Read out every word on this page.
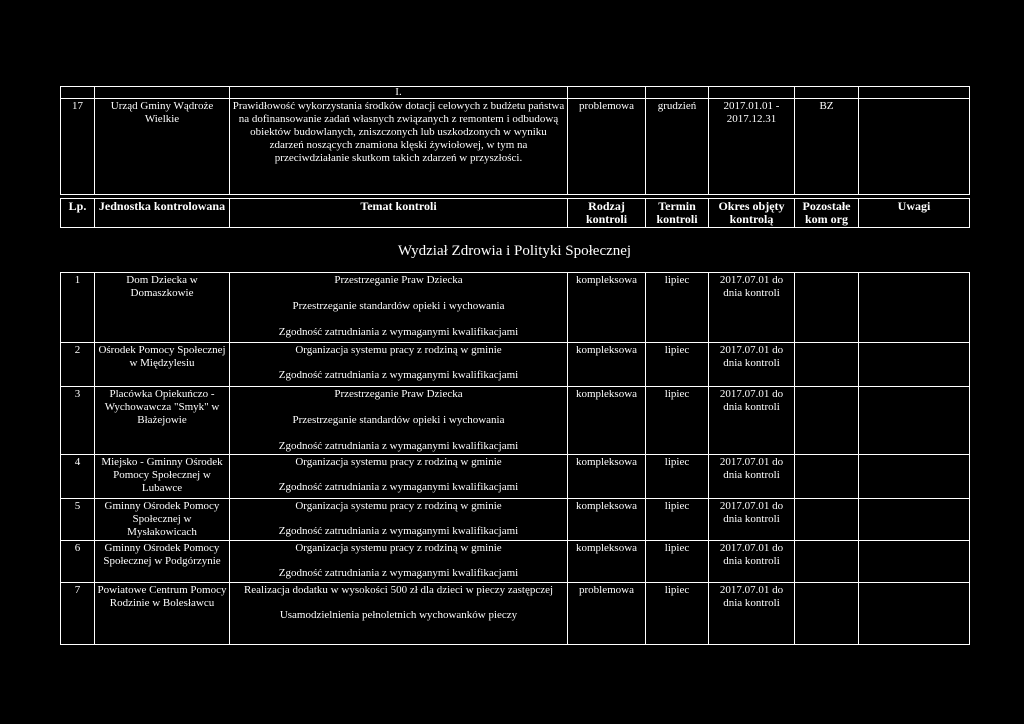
		I.					
17	Urząd Gminy Wądroże Wielkie	Prawidłowość wykorzystania środków dotacji celowych z budżetu państwa na dofinansowanie zadań własnych związanych z remontem i odbudową obiektów budowlanych, zniszczonych lub uszkodzonych w wyniku zdarzeń noszących znamiona klęski żywiołowej, w tym na przeciwdziałanie skutkom takich zdarzeń w przyszłości.	problemowa	grudzień	2017.01.01 - 2017.12.31	BZ	
Lp.	Jednostka kontrolowana	Temat kontroli	Rodzaj kontroli	Termin kontroli	Okres objęty kontrolą	Pozostałe kom org	Uwagi
Wydział Zdrowia i Polityki Społecznej
1	Dom Dziecka w Domaszkowie	Przestrzeganie Praw Dziecka
Przestrzeganie standardów opieki i wychowania
Zgodność zatrudniania z wymaganymi kwalifikacjami	kompleksowa	lipiec	2017.07.01 do dnia kontroli		
2	Ośrodek Pomocy Społecznej w Międzylesiu	Organizacja systemu pracy z rodziną w gminie
Zgodność zatrudniania z wymaganymi kwalifikacjami	kompleksowa	lipiec	2017.07.01 do dnia kontroli		
3	Placówka Opiekuńczo - Wychowawcza "Smyk" w Błażejowie	Przestrzeganie Praw Dziecka
Przestrzeganie standardów opieki i wychowania
Zgodność zatrudniania z wymaganymi kwalifikacjami	kompleksowa	lipiec	2017.07.01 do dnia kontroli		
4	Miejsko - Gminny Ośrodek Pomocy Społecznej w Lubawce	Organizacja systemu pracy z rodziną w gminie
Zgodność zatrudniania z wymaganymi kwalifikacjami	kompleksowa	lipiec	2017.07.01 do dnia kontroli		
5	Gminny Ośrodek Pomocy Społecznej w Mysłakowicach	Organizacja systemu pracy z rodziną w gminie
Zgodność zatrudniania z wymaganymi kwalifikacjami	kompleksowa	lipiec	2017.07.01 do dnia kontroli		
6	Gminny Ośrodek Pomocy Społecznej w Podgórzynie	Organizacja systemu pracy z rodziną w gminie
Zgodność zatrudniania z wymaganymi kwalifikacjami	kompleksowa	lipiec	2017.07.01 do dnia kontroli		
7	Powiatowe Centrum Pomocy Rodzinie w Bolesławcu	Realizacja dodatku w wysokości 500 zł dla dzieci w pieczy zastępczej
Usamodzielnienia pełnoletnich wychowanków pieczy	problemowa	lipiec	2017.07.01 do dnia kontroli		
